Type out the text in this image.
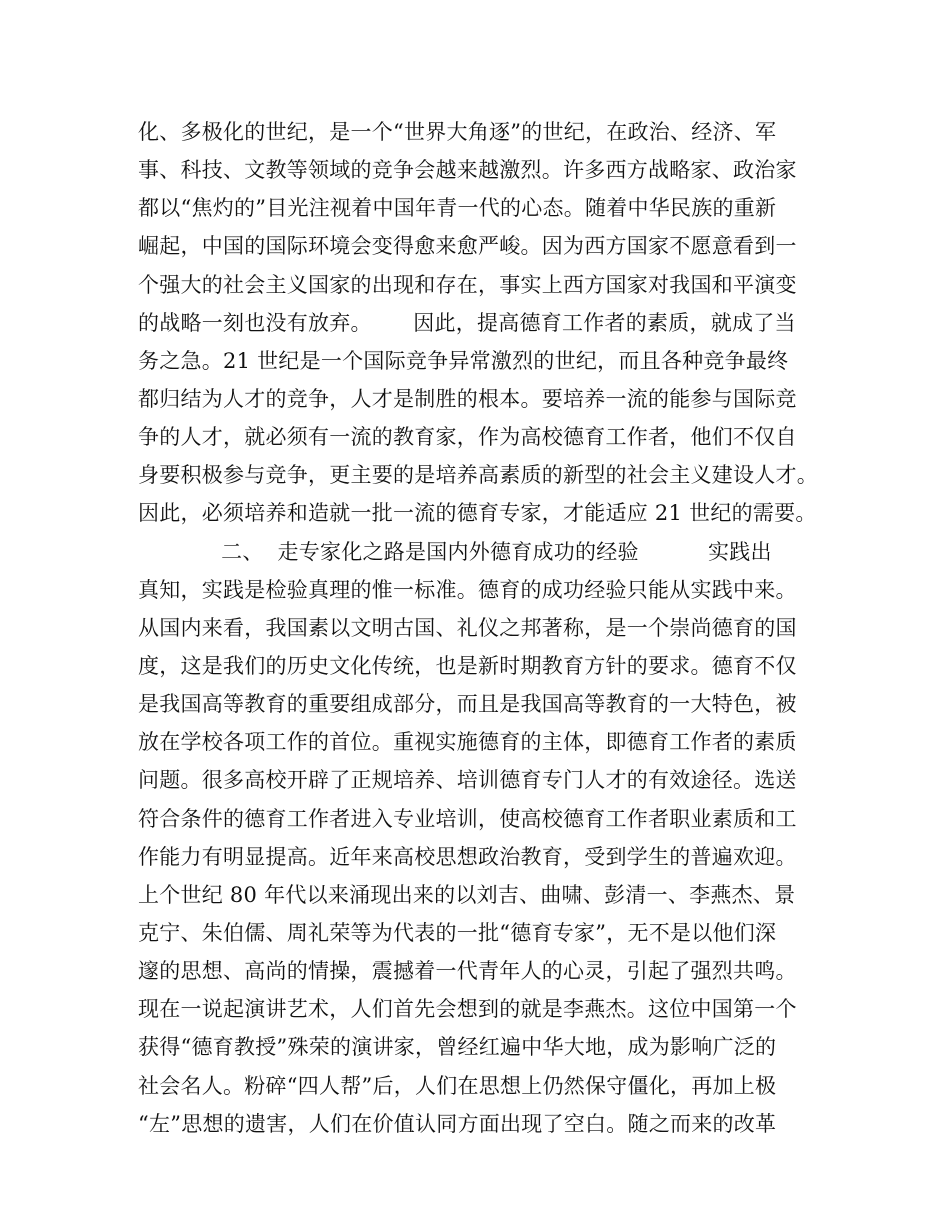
化、多极化的世纪，是一个“世界大角逐”的世纪，在政治、经济、军
事、科技、文教等领域的竞争会越来越激烈。许多西方战略家、政治家
都以“焦灼的”目光注视着中国年青一代的心态。随着中华民族的重新
崛起，中国的国际环境会变得愈来愈严峻。因为西方国家不愿意看到一
个强大的社会主义国家的出现和存在，事实上西方国家对我国和平演变
的战略一刻也没有放弃。      因此，提高德育工作者的素质，就成了当
务之急。21 世纪是一个国际竞争异常激烈的世纪，而且各种竞争最终
都归结为人才的竞争，人才是制胜的根本。要培养一流的能参与国际竞
争的人才，就必须有一流的教育家，作为高校德育工作者，他们不仅自
身要积极参与竞争，更主要的是培养高素质的新型的社会主义建设人才。
因此，必须培养和造就一批一流的德育专家，才能适应 21 世纪的需要。
二、  走专家化之路是国内外德育成功的经验          实践出
真知，实践是检验真理的惟一标准。德育的成功经验只能从实践中来。
从国内来看，我国素以文明古国、礼仪之邦著称，是一个崇尚德育的国
度，这是我们的历史文化传统，也是新时期教育方针的要求。德育不仅
是我国高等教育的重要组成部分，而且是我国高等教育的一大特色，被
放在学校各项工作的首位。重视实施德育的主体，即德育工作者的素质
问题。很多高校开辟了正规培养、培训德育专门人才的有效途径。选送
符合条件的德育工作者进入专业培训，使高校德育工作者职业素质和工
作能力有明显提高。近年来高校思想政治教育，受到学生的普遍欢迎。
上个世纪 80 年代以来涌现出来的以刘吉、曲啸、彭清一、李燕杰、景
克宁、朱伯儒、周礼荣等为代表的一批“德育专家”，无不是以他们深
邃的思想、高尚的情操，震撼着一代青年人的心灵，引起了强烈共鸣。
现在一说起演讲艺术，人们首先会想到的就是李燕杰。这位中国第一个
获得“德育教授”殊荣的演讲家，曾经红遍中华大地，成为影响广泛的
社会名人。粉碎“四人帮”后，人们在思想上仍然保守僵化，再加上极
“左”思想的遗害，人们在价值认同方面出现了空白。随之而来的改革
